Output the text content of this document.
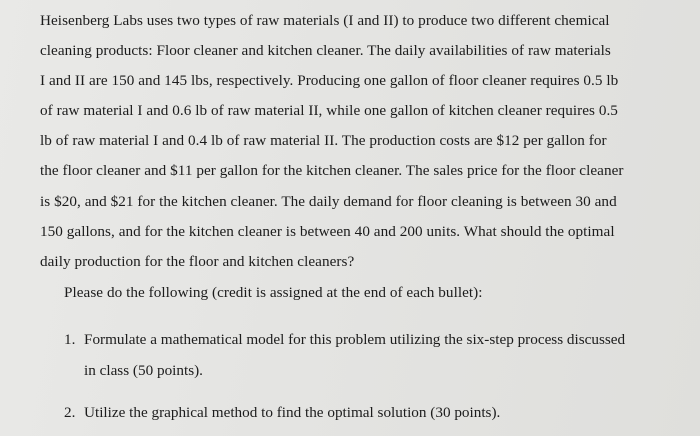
Heisenberg Labs uses two types of raw materials (I and II) to produce two different chemical
cleaning products: Floor cleaner and kitchen cleaner. The daily availabilities of raw materials
I and II are 150 and 145 lbs, respectively. Producing one gallon of floor cleaner requires 0.5 lb
of raw material I and 0.6 lb of raw material II, while one gallon of kitchen cleaner requires 0.5
lb of raw material I and 0.4 lb of raw material II. The production costs are $12 per gallon for
the floor cleaner and $11 per gallon for the kitchen cleaner. The sales price for the floor cleaner
is $20, and $21 for the kitchen cleaner. The daily demand for floor cleaning is between 30 and
150 gallons, and for the kitchen cleaner is between 40 and 200 units. What should the optimal
daily production for the floor and kitchen cleaners?
Please do the following (credit is assigned at the end of each bullet):
1. Formulate a mathematical model for this problem utilizing the six-step process discussed
in class (50 points).
2. Utilize the graphical method to find the optimal solution (30 points).
